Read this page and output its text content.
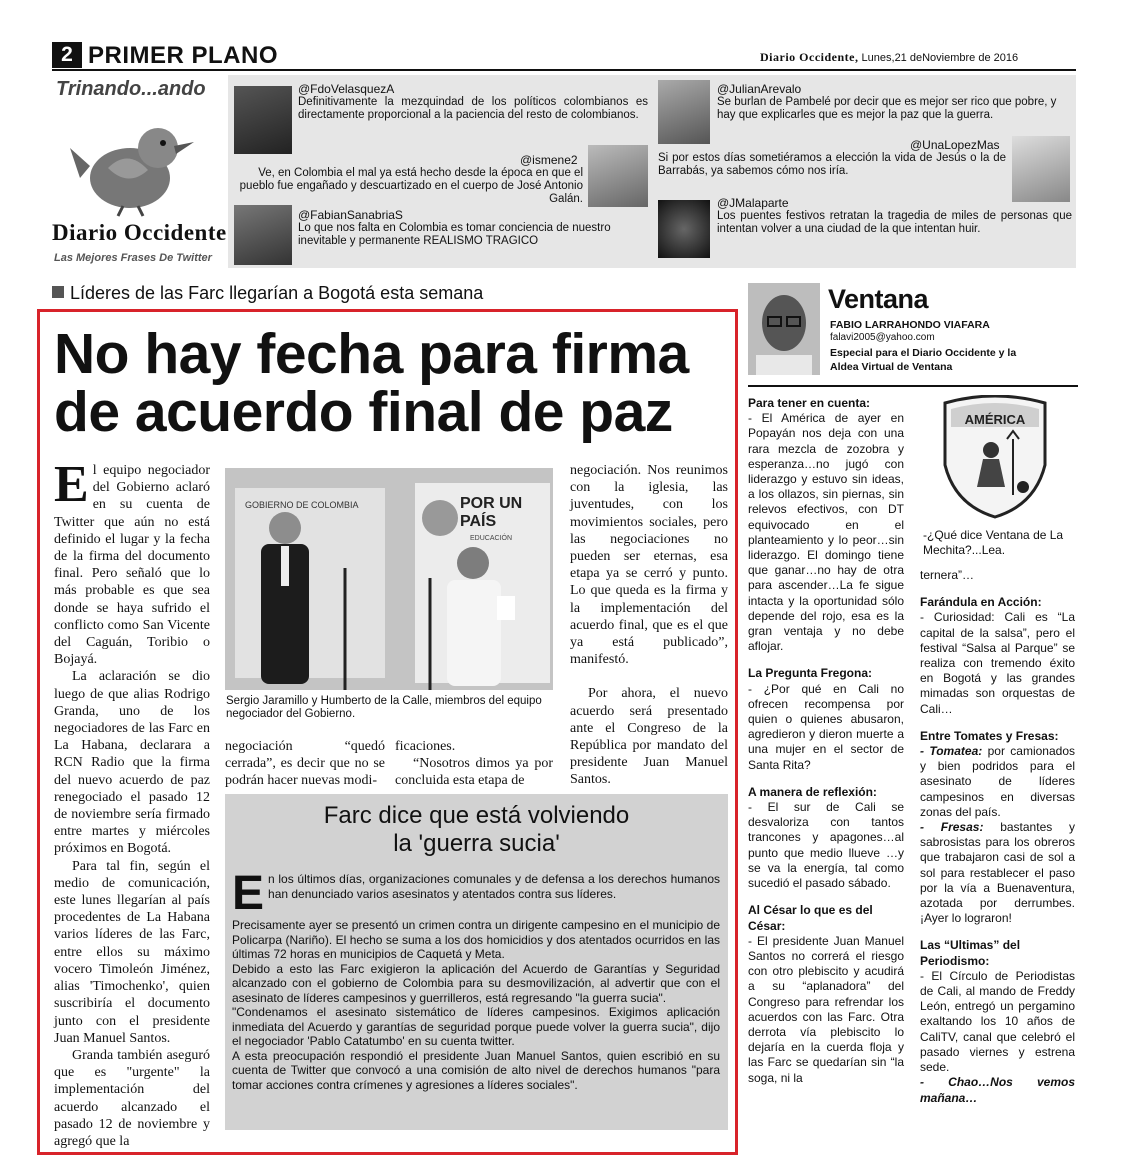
2 PRIMER PLANO	Diario Occidente, Lunes,21 deNoviembre de 2016
Trinando...ando
Diario Occidente
Las Mejores Frases De Twitter
@FdoVelasquezA
Definitivamente la mezquindad de los políticos colombianos es directamente proporcional a la paciencia del resto de colombianos.
@ismene2
Ve, en Colombia el mal ya está hecho desde la época en que el pueblo fue engañado y descuartizado en el cuerpo de José Antonio Galán.
@FabianSanabriaS
Lo que nos falta en Colombia es tomar conciencia de nuestro inevitable y permanente REALISMO TRAGICO
@JulianArevalo
Se burlan de Pambelé por decir que es mejor ser rico que pobre, y hay que explicarles que es mejor la paz que la guerra.
@UnaLopezMas
Si por estos días sometiéramos a elección la vida de Jesús o la de Barrabás, ya sabemos cómo nos iría.
@JMalaparte
Los puentes festivos retratan la tragedia de miles de personas que intentan volver a una ciudad de la que intentan huir.
Líderes de las Farc llegarían a Bogotá esta semana
No hay fecha para firma
de acuerdo final de paz

El equipo negociador del Gobierno aclaró en su cuenta de Twitter que aún no está definido el lugar y la fecha de la firma del documento final. Pero señaló que lo más probable es que sea donde se haya sufrido el conflicto como San Vicente del Caguán, Toribio o Bojayá.

La aclaración se dio luego de que alias Rodrigo Granda, uno de los negociadores de las Farc en La Habana, declarara a RCN Radio que la firma del nuevo acuerdo de paz renegociado el pasado 12 de noviembre sería firmado entre martes y miércoles próximos en Bogotá.

Para tal fin, según el medio de comunicación, este lunes llegarían al país procedentes de La Habana varios líderes de las Farc, entre ellos su máximo vocero Timoleón Jiménez, alias 'Timochenko', quien suscribiría el documento junto con el presidente Juan Manuel Santos.

Granda también aseguró que es "urgente" la implementación del acuerdo alcanzado el pasado 12 de noviembre y agregó que la

GOBIERNO DE COLOMBIA	POR UN
PAÍS
EDUCACIÓN
Sergio Jaramillo y Humberto de la Calle, miembros del equipo negociador del Gobierno.

negociación “quedó cerrada”, es decir que no se podrán hacer nuevas modi-

ficaciones.

“Nosotros dimos ya por concluida esta etapa de

negociación. Nos reunimos con la iglesia, las juventudes, con los movimientos sociales, pero las negociaciones no pueden ser eternas, esa etapa ya se cerró y punto. Lo que queda es la firma y la implementación del acuerdo final, que es el que ya está publicado”, manifestó.

Por ahora, el nuevo acuerdo será presentado ante el Congreso de la República por mandato del presidente Juan Manuel Santos.

Farc dice que está volviendo
la 'guerra sucia'

En los últimos días, organizaciones comunales y de defensa a los derechos humanos han denunciado varios asesinatos y atentados contra sus líderes.

Precisamente ayer se presentó un crimen contra un dirigente campesino en el municipio de Policarpa (Nariño). El hecho se suma a los dos homicidios y dos atentados ocurridos en las últimas 72 horas en municipios de Caquetá y Meta.

Debido a esto las Farc exigieron la aplicación del Acuerdo de Garantías y Seguridad alcanzado con el gobierno de Colombia para su desmovilización, al advertir que con el asesinato de líderes campesinos y guerrilleros, está regresando "la guerra sucia".

"Condenamos el asesinato sistemático de líderes campesinos. Exigimos aplicación inmediata del Acuerdo y garantías de seguridad porque puede volver la guerra sucia", dijo el negociador 'Pablo Catatumbo' en su cuenta twitter.

A esta preocupación respondió el presidente Juan Manuel Santos, quien escribió en su cuenta de Twitter que convocó a una comisión de alto nivel de derechos humanos "para tomar acciones contra crímenes y agresiones a líderes sociales".

Ventana
FABIO LARRAHONDO VIAFARA
falavi2005@yahoo.com
Especial para el Diario Occidente y la
Aldea Virtual de Ventana
Para tener en cuenta:

- El América de ayer en Popayán nos deja con una rara mezcla de zozobra y esperanza…no jugó con liderazgo y estuvo sin ideas, a los ollazos, sin piernas, sin relevos efectivos, con DT equivocado en el planteamiento y lo peor…sin liderazgo. El domingo tiene que ganar…no hay de otra para ascender…La fe sigue intacta y la oportunidad sólo depende del rojo, esa es la gran ventaja y no debe aflojar.

La Pregunta Fregona:

- ¿Por qué en Cali no ofrecen recompensa por quien o quienes abusaron, agredieron y dieron muerte a una mujer en el sector de Santa Rita?

A manera de reflexión:

- El sur de Cali se desvaloriza con tantos trancones y apagones…al punto que medio llueve …y se va la energía, tal como sucedió el pasado sábado.

Al César lo que es del César:

- El presidente Juan Manuel Santos no correrá el riesgo con otro plebiscito y acudirá a su “aplanadora” del Congreso para refrendar los acuerdos con las Farc. Otra derrota vía plebiscito lo dejaría en la cuerda floja y las Farc se quedarían sin “la soga, ni la

AMÉRICA
-¿Qué dice Ventana de La Mechita?...Lea.

ternera”…

Farándula en Acción:

- Curiosidad: Cali es “La capital de la salsa”, pero el festival “Salsa al Parque” se realiza con tremendo éxito en Bogotá y las grandes mimadas son orquestas de Cali…

Entre Tomates y Fresas:

- Tomatea: por camionados y bien podridos para el asesinato de líderes campesinos en diversas zonas del país.

- Fresas: bastantes y sabrosistas para los obreros que trabajaron casi de sol a sol para restablecer el paso por la vía a Buenaventura, azotada por derrumbes. ¡Ayer lo lograron!

Las “Ultimas” del Periodismo:

- El Círculo de Periodistas de Cali, al mando de Freddy León, entregó un pergamino exaltando los 10 años de CaliTV, canal que celebró el pasado viernes y estrena sede.

- Chao…Nos vemos mañana…
